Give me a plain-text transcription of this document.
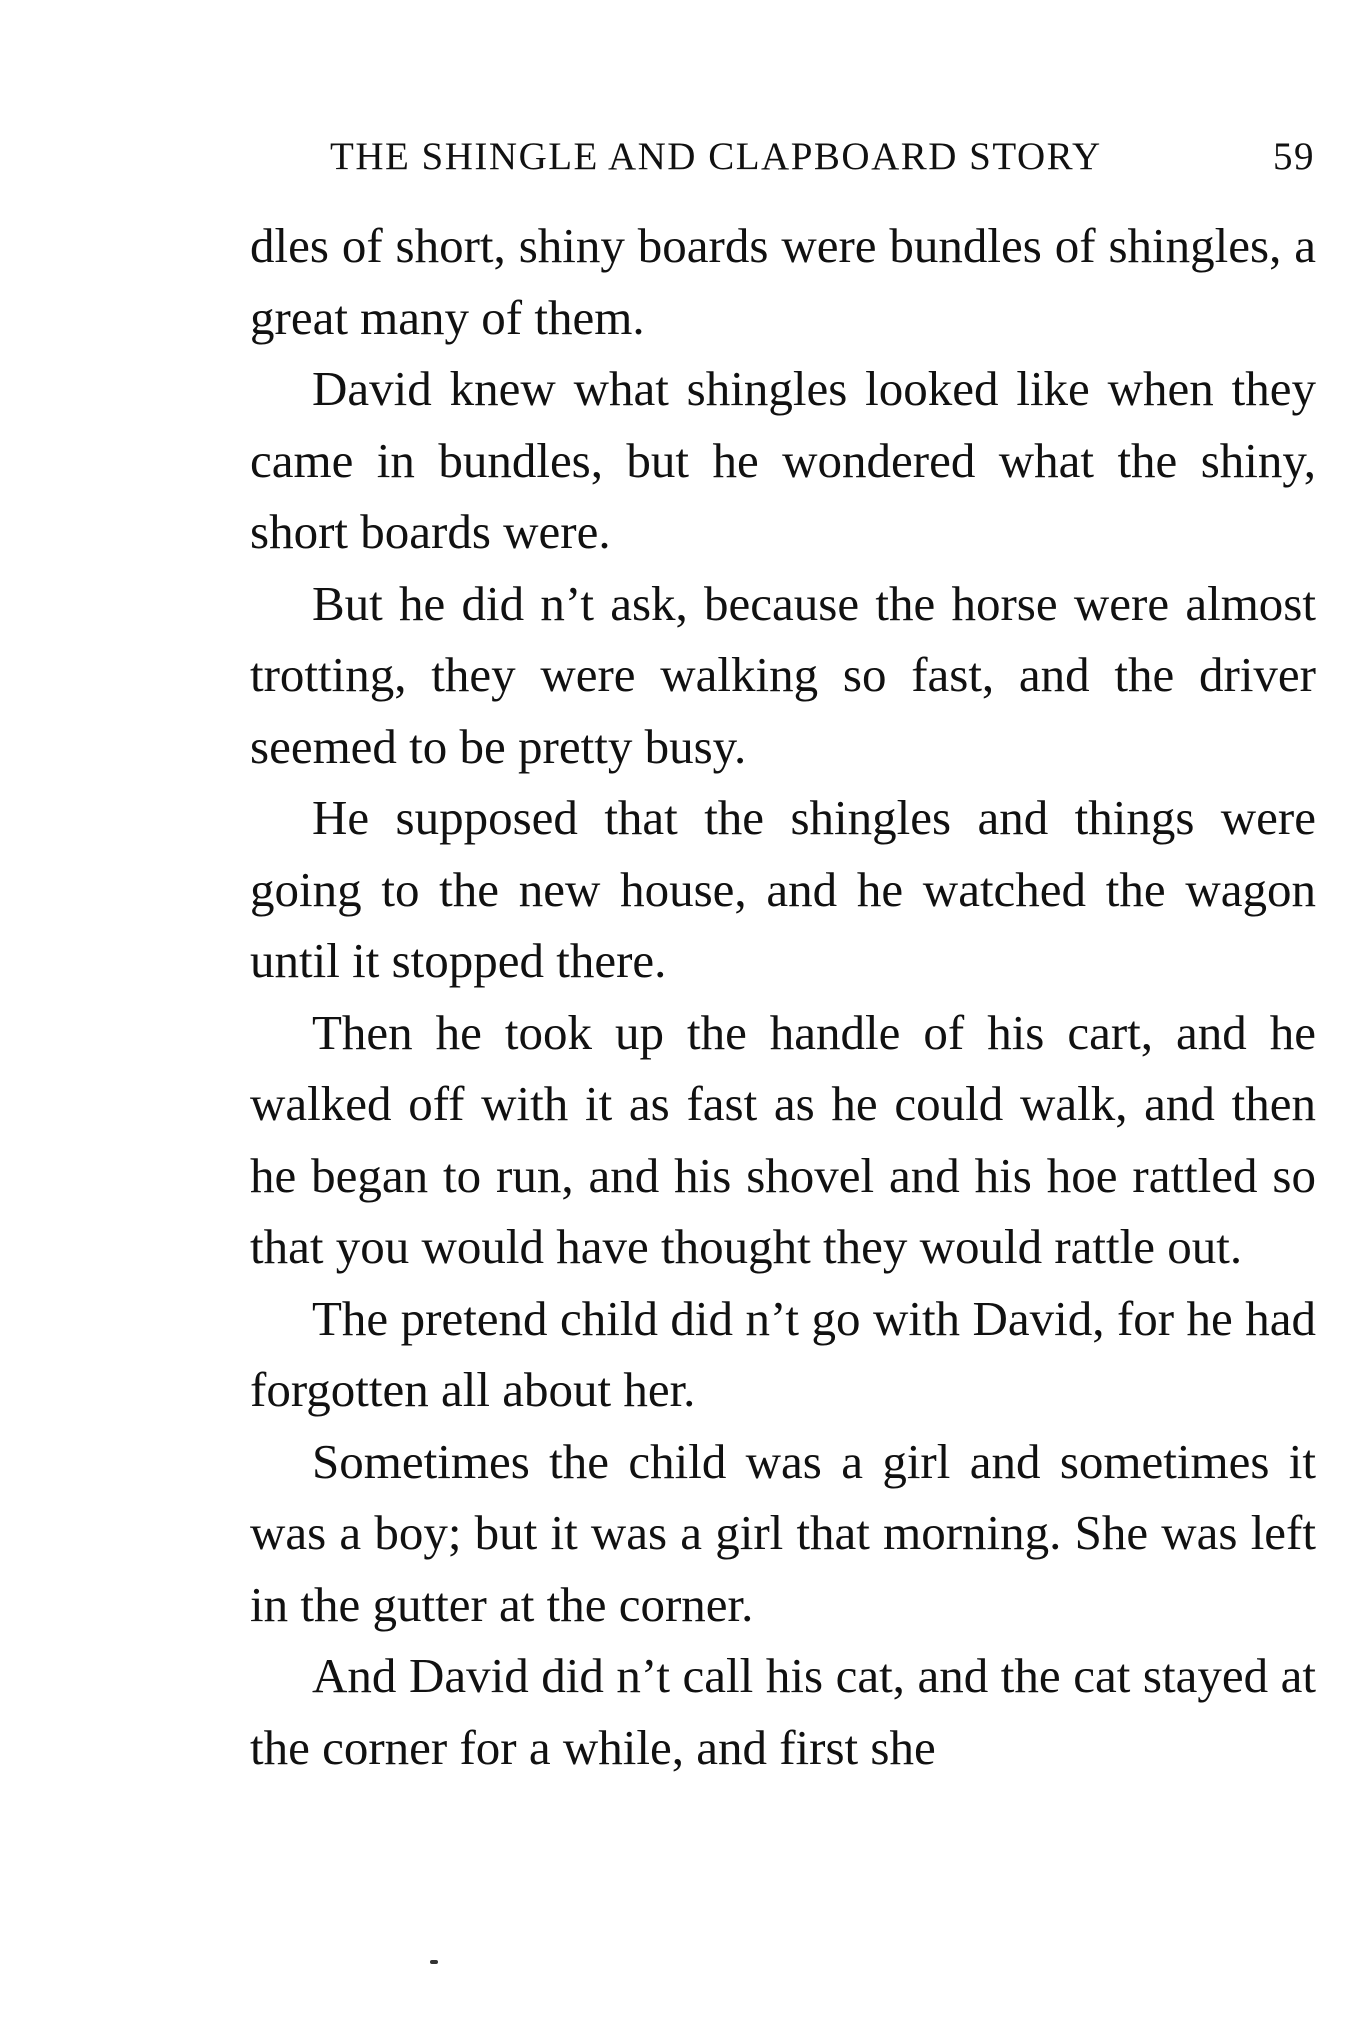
THE SHINGLE AND CLAPBOARD STORY	59

dles of short, shiny boards were bundles of shingles, a great many of them.

David knew what shingles looked like when they came in bundles, but he wondered what the shiny, short boards were.

But he did n’t ask, because the horse were almost trotting, they were walking so fast, and the driver seemed to be pretty busy.

He supposed that the shingles and things were going to the new house, and he watched the wagon until it stopped there.

Then he took up the handle of his cart, and he walked off with it as fast as he could walk, and then he began to run, and his shovel and his hoe rattled so that you would have thought they would rattle out.

The pretend child did n’t go with David, for he had forgotten all about her.

Sometimes the child was a girl and sometimes it was a boy; but it was a girl that morning. She was left in the gutter at the corner.

And David did n’t call his cat, and the cat stayed at the corner for a while, and first she
